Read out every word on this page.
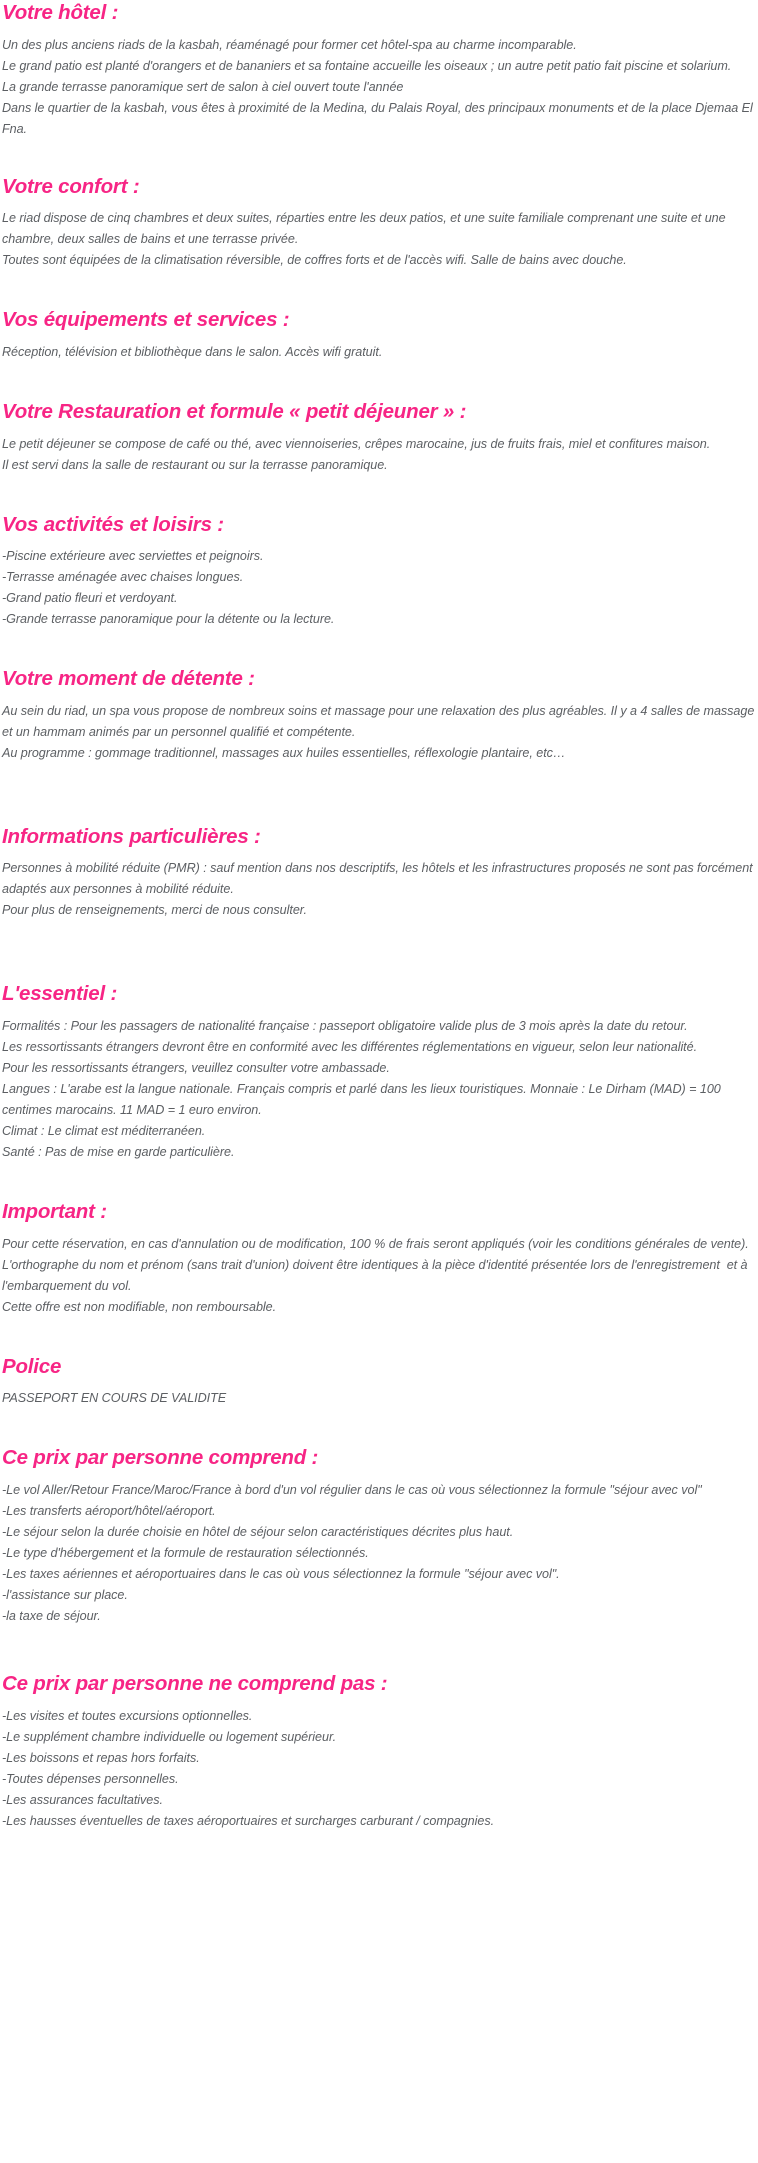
Votre hôtel :

Un des plus anciens riads de la kasbah, réaménagé pour former cet hôtel-spa au charme incomparable.

Le grand patio est planté d'orangers et de bananiers et sa fontaine accueille les oiseaux ; un autre petit patio fait piscine et solarium.

La grande terrasse panoramique sert de salon à ciel ouvert toute l'année

Dans le quartier de la kasbah, vous êtes à proximité de la Medina, du Palais Royal, des principaux monuments et de la place Djemaa El Fna.

Votre confort :

Le riad dispose de cinq chambres et deux suites, réparties entre les deux patios, et une suite familiale comprenant une suite et une chambre, deux salles de bains et une terrasse privée.

Toutes sont équipées de la climatisation réversible, de coffres forts et de l'accès wifi. Salle de bains avec douche.

Vos équipements et services :

Réception, télévision et bibliothèque dans le salon. Accès wifi gratuit.

Votre Restauration et formule « petit déjeuner » :

Le petit déjeuner se compose de café ou thé, avec viennoiseries, crêpes marocaine, jus de fruits frais, miel et confitures maison.

Il est servi dans la salle de restaurant ou sur la terrasse panoramique.

Vos activités et loisirs :

-Piscine extérieure avec serviettes et peignoirs.

-Terrasse aménagée avec chaises longues.

-Grand patio fleuri et verdoyant.

-Grande terrasse panoramique pour la détente ou la lecture.

Votre moment de détente :

Au sein du riad, un spa vous propose de nombreux soins et massage pour une relaxation des plus agréables. Il y a 4 salles de massage et un hammam animés par un personnel qualifié et compétente.

Au programme : gommage traditionnel, massages aux huiles essentielles, réflexologie plantaire, etc…

Informations particulières :

Personnes à mobilité réduite (PMR) : sauf mention dans nos descriptifs, les hôtels et les infrastructures proposés ne sont pas forcément adaptés aux personnes à mobilité réduite.

Pour plus de renseignements, merci de nous consulter.

L'essentiel :

Formalités : Pour les passagers de nationalité française : passeport obligatoire valide plus de 3 mois après la date du retour.

Les ressortissants étrangers devront être en conformité avec les différentes réglementations en vigueur, selon leur nationalité.

Pour les ressortissants étrangers, veuillez consulter votre ambassade.

Langues : L'arabe est la langue nationale. Français compris et parlé dans les lieux touristiques. Monnaie : Le Dirham (MAD) = 100 centimes marocains. 11 MAD = 1 euro environ.

Climat : Le climat est méditerranéen.

Santé : Pas de mise en garde particulière.

Important :

Pour cette réservation, en cas d'annulation ou de modification, 100 % de frais seront appliqués (voir les conditions générales de vente).

L'orthographe du nom et prénom (sans trait d'union) doivent être identiques à la pièce d'identité présentée lors de l'enregistrement  et à l'embarquement du vol.

Cette offre est non modifiable, non remboursable.

Police

PASSEPORT EN COURS DE VALIDITE

Ce prix par personne comprend :

-Le vol Aller/Retour France/Maroc/France à bord d'un vol régulier dans le cas où vous sélectionnez la formule "séjour avec vol"

-Les transferts aéroport/hôtel/aéroport.

-Le séjour selon la durée choisie en hôtel de séjour selon caractéristiques décrites plus haut.

-Le type d'hébergement et la formule de restauration sélectionnés.

-Les taxes aériennes et aéroportuaires dans le cas où vous sélectionnez la formule "séjour avec vol".

-l'assistance sur place.

-la taxe de séjour.

Ce prix par personne ne comprend pas :

-Les visites et toutes excursions optionnelles.

-Le supplément chambre individuelle ou logement supérieur.

-Les boissons et repas hors forfaits.

-Toutes dépenses personnelles.

-Les assurances facultatives.

-Les hausses éventuelles de taxes aéroportuaires et surcharges carburant / compagnies.
